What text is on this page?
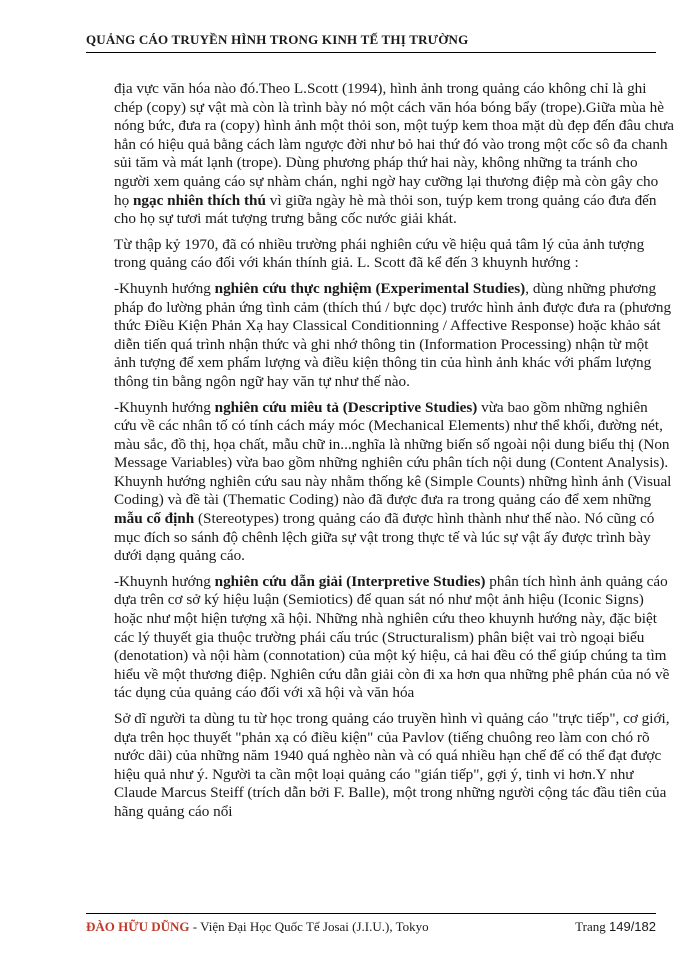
QUẢNG CÁO TRUYỀN HÌNH TRONG KINH TẾ THỊ TRƯỜNG

địa vực văn hóa nào đó.Theo L.Scott (1994), hình ảnh trong quảng cáo không chỉ là ghi chép (copy) sự vật mà còn là trình bày nó một cách văn hóa bóng bẩy (trope).Giữa mùa hè nóng bức, đưa ra (copy) hình ảnh một thỏi son, một tuýp kem thoa mặt dù đẹp đến đâu chưa hẳn có hiệu quả bằng cách làm ngược đời như bỏ hai thứ đó vào trong một cốc sô đa chanh sủi tăm và mát lạnh (trope). Dùng phương pháp thứ hai này, không những ta tránh cho người xem quảng cáo sự nhàm chán, nghi ngờ hay cưỡng lại thương điệp mà còn gây cho họ ngạc nhiên thích thú vì giữa ngày hè mà thỏi son, tuýp kem trong quảng cáo đưa đến cho họ sự tươi mát tượng trưng bằng cốc nước giải khát.

Từ thập kỷ 1970, đã có nhiều trường phái nghiên cứu về hiệu quả tâm lý của ảnh tượng trong quảng cáo đối với khán thính giả. L. Scott đã kể đến 3 khuynh hướng :

-Khuynh hướng nghiên cứu thực nghiệm (Experimental Studies), dùng những phương pháp đo lường phản ứng tình cảm (thích thú / bực dọc) trước hình ảnh được đưa ra (phương thức Điều Kiện Phản Xạ hay Classical Conditionning / Affective Response) hoặc khảo sát diễn tiến quá trình nhận thức và ghi nhớ thông tin (Information Processing) nhận từ một ảnh tượng để xem phẩm lượng và điều kiện thông tin của hình ảnh khác với phẩm lượng thông tin bằng ngôn ngữ hay văn tự như thế nào.

-Khuynh hướng nghiên cứu miêu tả (Descriptive Studies) vừa bao gồm những nghiên cứu về các nhân tố có tính cách máy móc (Mechanical Elements) như thể khối, đường nét, màu sắc, đồ thị, họa chất, mẫu chữ in...nghĩa là những biến số ngoài nội dung biểu thị (Non Message Variables) vừa bao gồm những nghiên cứu phân tích nội dung (Content Analysis). Khuynh hướng nghiên cứu sau này nhằm thống kê (Simple Counts) những hình ảnh (Visual Coding) và đề tài (Thematic Coding) nào đã được đưa ra trong quảng cáo để xem những mẫu cố định (Stereotypes) trong quảng cáo đã được hình thành như thế nào. Nó cũng có mục đích so sánh độ chênh lệch giữa sự vật trong thực tế và lúc sự vật ấy được trình bày dưới dạng quảng cáo.

-Khuynh hướng nghiên cứu dẫn giải (Interpretive Studies) phân tích hình ảnh quảng cáo dựa trên cơ sở ký hiệu luận (Semiotics) để quan sát nó như một ảnh hiệu (Iconic Signs) hoặc như một hiện tượng xã hội. Những nhà nghiên cứu theo khuynh hướng này, đặc biệt các lý thuyết gia thuộc trường phái cấu trúc (Structuralism) phân biệt vai trò ngoại biểu (denotation) và nội hàm (connotation) của một ký hiệu, cả hai đều có thể giúp chúng ta tìm hiểu về một thương điệp. Nghiên cứu dẫn giải còn đi xa hơn qua những phê phán của nó về tác dụng của quảng cáo đối với xã hội và văn hóa

Sở dĩ người ta dùng tu từ học trong quảng cáo truyền hình vì quảng cáo "trực tiếp", cơ giới, dựa trên học thuyết "phản xạ có điều kiện" của Pavlov (tiếng chuông reo làm con chó rõ nước dãi) của những năm 1940 quá nghèo nàn và có quá nhiều hạn chế để có thể đạt được hiệu quả như ý. Người ta cần một loại quảng cáo "gián tiếp", gợi ý, tinh vi hơn.Y như Claude Marcus Steiff (trích dẫn bởi F. Balle), một trong những người cộng tác đầu tiên của hãng quảng cáo nổi

ĐÀO HỮU DŨNG - Viện Đại Học Quốc Tế Josai (J.I.U.), Tokyo	Trang 149/182
